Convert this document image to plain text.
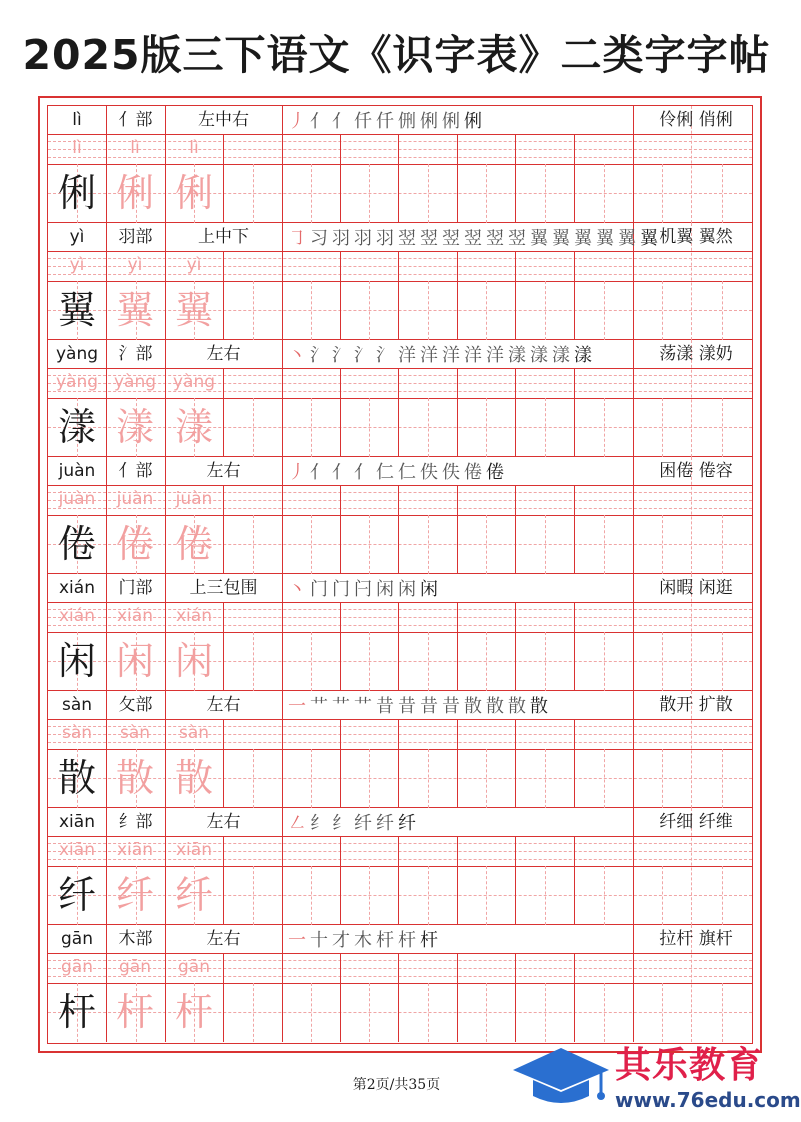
2025版三下语文《识字表》二类字字帖
lì	亻部	左中右	丿 亻 亻 仟 仟 侀 俐 俐 俐	伶俐 俏俐
lì	lì	lì
俐 俐 俐
yì	羽部	上中下	㇆ 习 羽 羽 羽 翌 翌 翌 翌 翌 翌 翼 翼 翼 翼 翼 翼 机翼 翼然
yì	yì	yì
翼 翼 翼
yàng	氵部	左右	丶 氵 氵 氵 氵 洋 洋 洋 洋 洋 漾 漾 漾 漾	荡漾 漾奶
yàng yàng yàng
漾 漾 漾
juàn	亻部	左右	丿 亻 亻 亻 仁 仁 佚 佚 倦 倦	困倦 倦容
juàn	juàn	juàn
倦 倦 倦
xián	门部	上三包围	丶 门 门 闩 闲 闲 闲	闲暇 闲逛
xián	xián	xián
闲 闲 闲
sàn	攵部	左右	一 艹 艹 艹 昔 昔 昔 昔 散 散 散 散	散开 扩散
sàn	sàn	sàn
散 散 散
xiān	纟部	左右	㇜ 纟 纟 纤 纤 纤	纤细 纤维
xiān	xiān	xiān
纤 纤 纤
gān	木部	左右	一 十 才 木 杆 杆 杆	拉杆 旗杆
gān	gān	gān
杆 杆 杆
第2页/共35页	其乐教育
www.76edu.com
